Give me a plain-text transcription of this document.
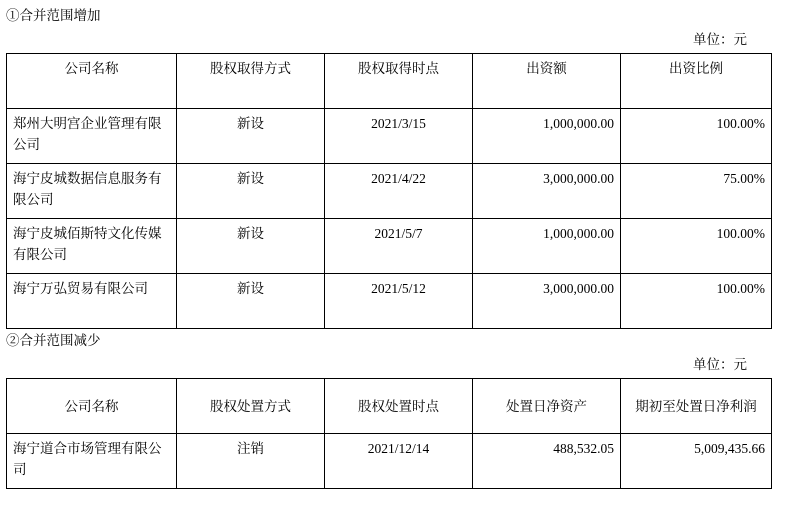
①合并范围增加
单位：元
公司名称	股权取得方式	股权取得时点	出资额	出资比例
郑州大明宫企业管理有限公司	新设	2021/3/15	1,000,000.00	100.00%
海宁皮城数据信息服务有限公司	新设	2021/4/22	3,000,000.00	75.00%
海宁皮城佰斯特文化传媒有限公司	新设	2021/5/7	1,000,000.00	100.00%
海宁万弘贸易有限公司	新设	2021/5/12	3,000,000.00	100.00%
②合并范围减少
单位：元
公司名称	股权处置方式	股权处置时点	处置日净资产	期初至处置日净利润
海宁道合市场管理有限公司	注销	2021/12/14	488,532.05	5,009,435.66
